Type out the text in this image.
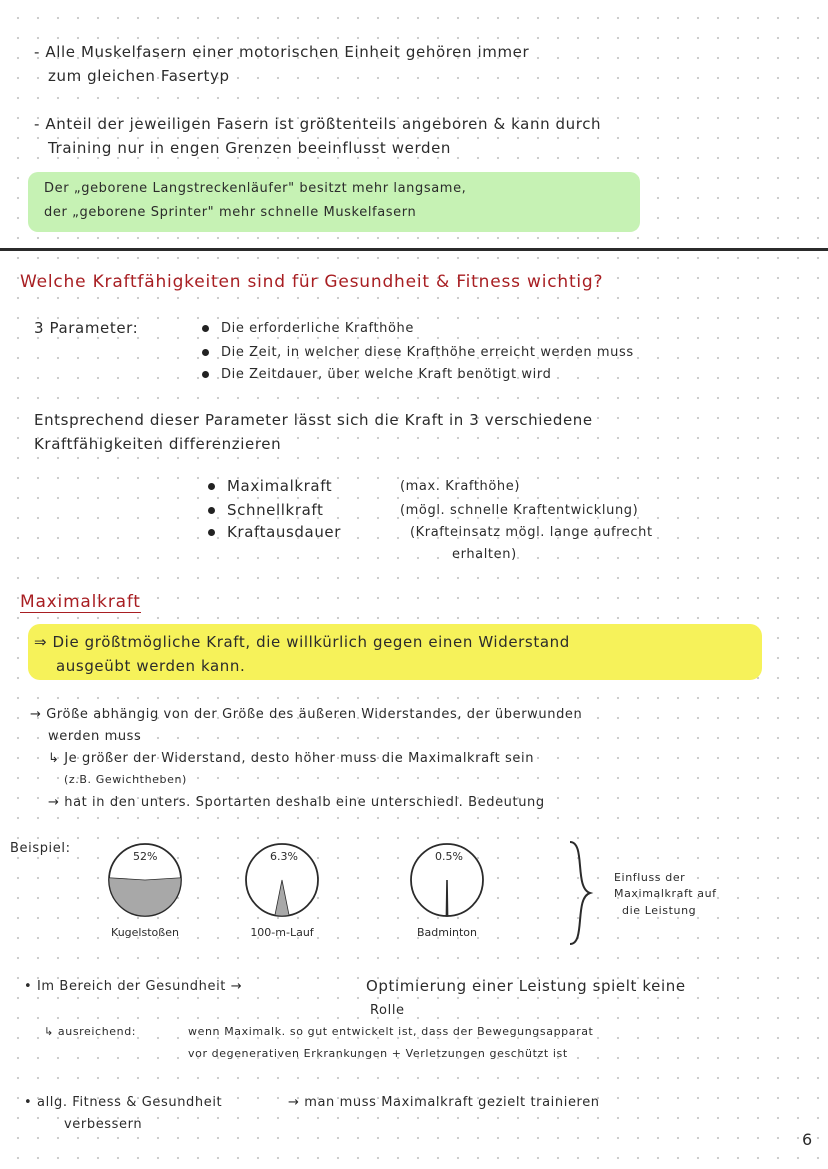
- Alle Muskelfasern einer motorischen Einheit gehören immer
zum gleichen Fasertyp
- Anteil der jeweiligen Fasern ist größtenteils angeboren & kann durch
Training nur in engen Grenzen beeinflusst werden
Der „geborene Langstreckenläufer" besitzt mehr langsame,
der „geborene Sprinter" mehr schnelle Muskelfasern
Welche Kraftfähigkeiten sind für Gesundheit & Fitness wichtig?
3 Parameter:	Die erforderliche Krafthöhe
Die Zeit, in welcher diese Krafthöhe erreicht werden muss
Die Zeitdauer, über welche Kraft benötigt wird
Entsprechend dieser Parameter lässt sich die Kraft in 3 verschiedene
Kraftfähigkeiten differenzieren
Maximalkraft	(max. Krafthöhe)
Schnellkraft	(mögl. schnelle Kraftentwicklung)
Kraftausdauer	(Krafteinsatz mögl. lange aufrecht
erhalten)
Maximalkraft
⇒ Die größtmögliche Kraft, die willkürlich gegen einen Widerstand
ausgeübt werden kann.
→ Größe abhängig von der Größe des äußeren Widerstandes, der überwunden
werden muss
↳ Je größer der Widerstand, desto höher muss die Maximalkraft sein
(z.B. Gewichtheben)
→ hat in den unters. Sportarten deshalb eine unterschiedl. Bedeutung
Beispiel:
52%
Kugelstoßen
6.3%
100-m-Lauf
0.5%
Badminton
Einfluss der
Maximalkraft auf
die Leistung
• Im Bereich der Gesundheit →	Optimierung einer Leistung spielt keine
Rolle
↳ ausreichend:	wenn Maximalk. so gut entwickelt ist, dass der Bewegungsapparat
vor degenerativen Erkrankungen + Verletzungen geschützt ist
• allg. Fitness & Gesundheit	→ man muss Maximalkraft gezielt trainieren
verbessern
6
